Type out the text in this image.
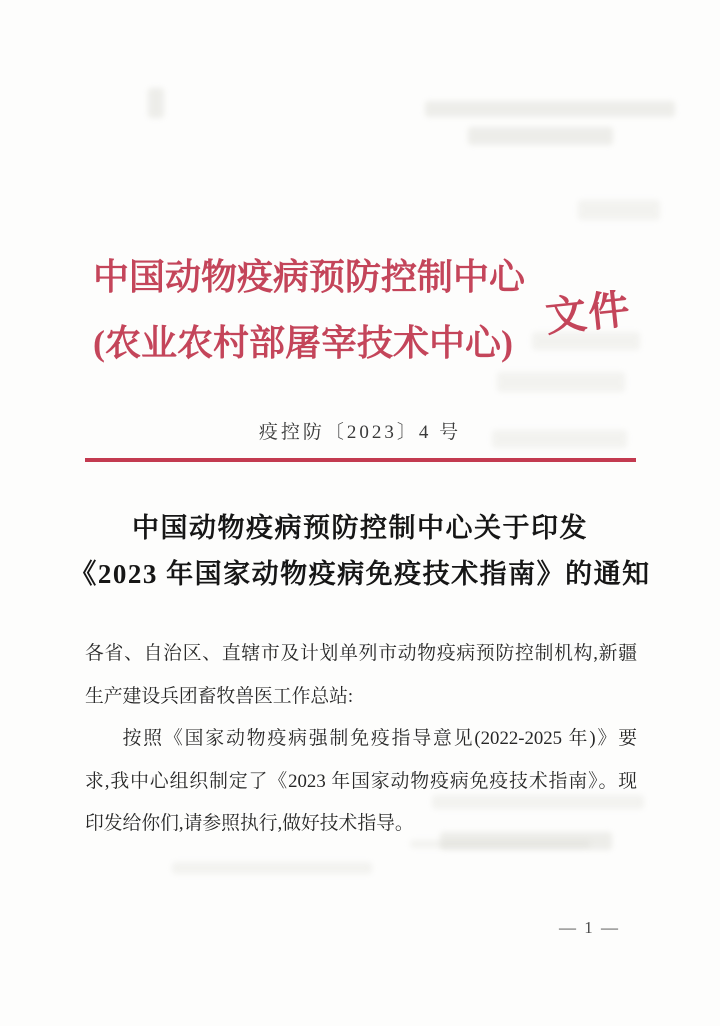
中国动物疫病预防控制中心
(农业农村部屠宰技术中心)
文件
疫控防〔2023〕4 号
中国动物疫病预防控制中心关于印发
《2023 年国家动物疫病免疫技术指南》的通知
各省、自治区、直辖市及计划单列市动物疫病预防控制机构,新疆
生产建设兵团畜牧兽医工作总站:
按照《国家动物疫病强制免疫指导意见(2022-2025 年)》要
求,我中心组织制定了《2023 年国家动物疫病免疫技术指南》。现
印发给你们,请参照执行,做好技术指导。
— 1 —
